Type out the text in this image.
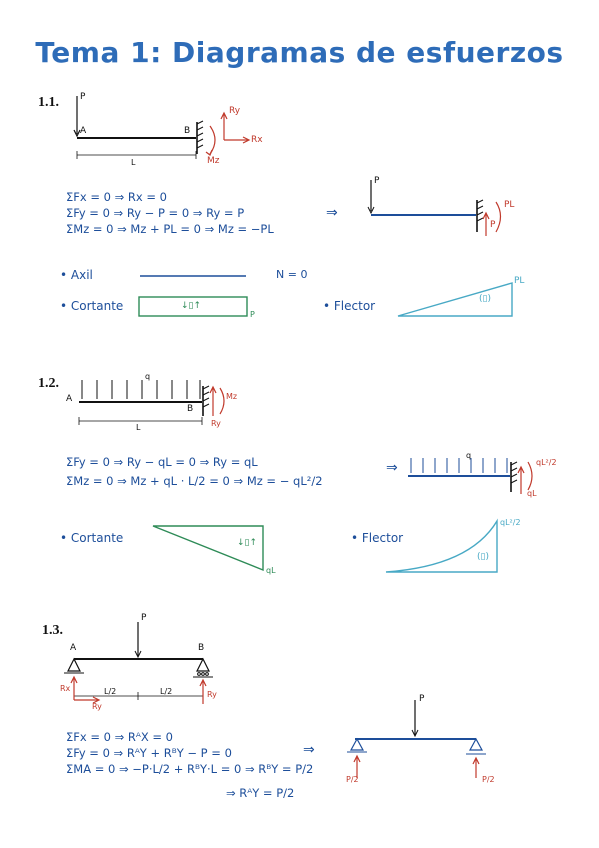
Tema 1: Diagramas de esfuerzos
1.1. P
A	B
L
Ry
Rx
Mz
ΣFx = 0 ⇒ Rx = 0
ΣFy = 0 ⇒ Ry − P = 0 ⇒ Ry = P
ΣMz = 0 ⇒ Mz + PL = 0 ⇒ Mz = −PL
⇒
P
P
PL
• Axil	N = 0
• Cortante	↓▯↑
P
• Flector	(▯)
PL
1.2.	q
A
B
L
Mz
Ry
ΣFy = 0 ⇒ Ry − qL = 0 ⇒ Ry = qL
ΣMz = 0 ⇒ Mz + qL · L/2 = 0 ⇒ Mz = − qL²/2
⇒
q
qL²/2
qL
• Cortante	↓▯↑
qL
• Flector
(▯)
qL²/2
1.3.
P
A	B
L/2	L/2
Rx
Ry
Ry
ΣFx = 0 ⇒ RᴬX = 0
ΣFy = 0 ⇒ RᴬY + RᴮY − P = 0
ΣMA = 0 ⇒ −P·L/2 + RᴮY·L = 0 ⇒ RᴮY = P/2
⇒ RᴬY = P/2
⇒
P
P/2	P/2
